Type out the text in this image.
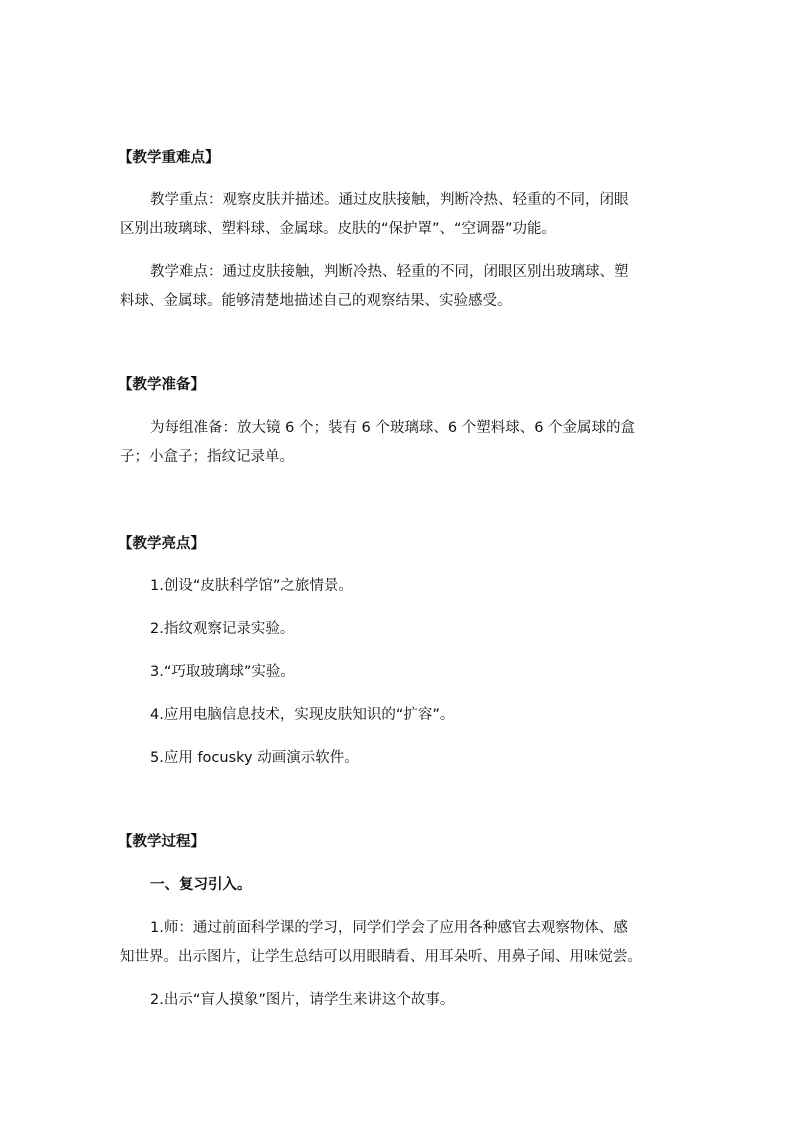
【教学重难点】
教学重点：观察皮肤并描述。通过皮肤接触，判断冷热、轻重的不同，闭眼
区别出玻璃球、塑料球、金属球。皮肤的“保护罩”、“空调器”功能。
教学难点：通过皮肤接触，判断冷热、轻重的不同，闭眼区别出玻璃球、塑
料球、金属球。能够清楚地描述自己的观察结果、实验感受。
【教学准备】
为每组准备：放大镜 6 个；装有 6 个玻璃球、6 个塑料球、6 个金属球的盒
子；小盒子；指纹记录单。
【教学亮点】
1.创设“皮肤科学馆”之旅情景。
2.指纹观察记录实验。
3.“巧取玻璃球”实验。
4.应用电脑信息技术，实现皮肤知识的“扩容”。
5.应用 focusky 动画演示软件。
【教学过程】
一、复习引入。
1.师：通过前面科学课的学习，同学们学会了应用各种感官去观察物体、感
知世界。出示图片，让学生总结可以用眼睛看、用耳朵听、用鼻子闻、用味觉尝。
2.出示“盲人摸象”图片，请学生来讲这个故事。
